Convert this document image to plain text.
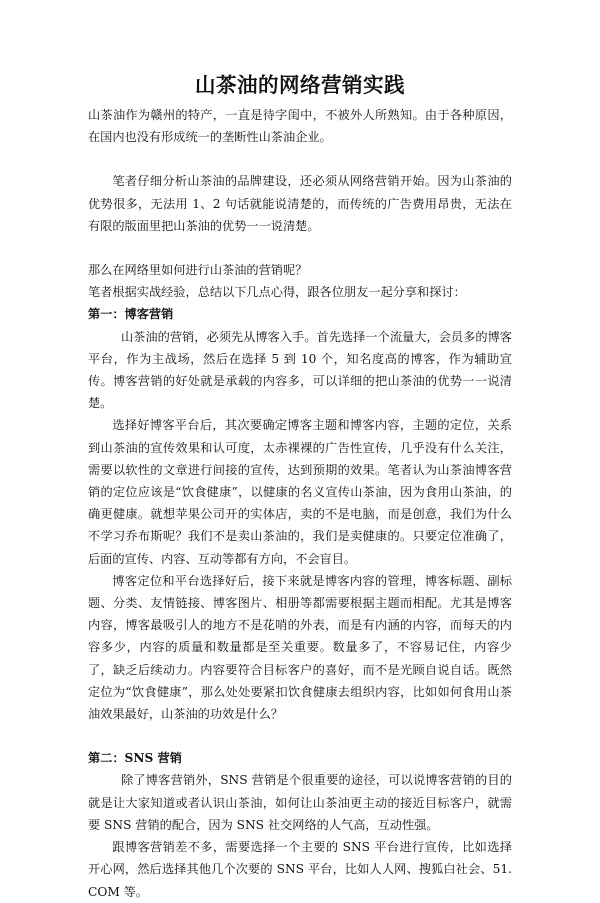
山茶油的网络营销实践

山茶油作为赣州的特产，一直是待字闺中，不被外人所熟知。由于各种原因，在国内也没有形成统一的垄断性山茶油企业。

笔者仔细分析山茶油的品牌建设，还必须从网络营销开始。因为山茶油的优势很多，无法用 1、2 句话就能说清楚的，而传统的广告费用昂贵，无法在有限的版面里把山茶油的优势一一说清楚。

那么在网络里如何进行山茶油的营销呢？

笔者根据实战经验，总结以下几点心得，跟各位朋友一起分享和探讨：

第一：博客营销

山茶油的营销，必须先从博客入手。首先选择一个流量大，会员多的博客平台，作为主战场，然后在选择 5 到 10 个，知名度高的博客，作为辅助宣传。博客营销的好处就是承载的内容多，可以详细的把山茶油的优势一一说清楚。

选择好博客平台后，其次要确定博客主题和博客内容，主题的定位，关系到山茶油的宣传效果和认可度，太赤裸裸的广告性宣传，几乎没有什么关注，需要以软性的文章进行间接的宣传，达到预期的效果。笔者认为山茶油博客营销的定位应该是“饮食健康”，以健康的名义宣传山茶油，因为食用山茶油，的确更健康。就想苹果公司开的实体店，卖的不是电脑，而是创意，我们为什么不学习乔布斯呢？我们不是卖山茶油的，我们是卖健康的。只要定位准确了，后面的宣传、内容、互动等都有方向，不会盲目。

博客定位和平台选择好后，接下来就是博客内容的管理，博客标题、副标题、分类、友情链接、博客图片、相册等都需要根据主题而相配。尤其是博客内容，博客最吸引人的地方不是花哨的外表，而是有内涵的内容，而每天的内容多少，内容的质量和数量都是至关重要。数量多了，不容易记住，内容少了，缺乏后续动力。内容要符合目标客户的喜好，而不是光顾自说自话。既然定位为“饮食健康”，那么处处要紧扣饮食健康去组织内容，比如如何食用山茶油效果最好，山茶油的功效是什么？

第二：SNS 营销

除了博客营销外，SNS 营销是个很重要的途径，可以说博客营销的目的就是让大家知道或者认识山茶油，如何让山茶油更主动的接近目标客户，就需要 SNS 营销的配合，因为 SNS 社交网络的人气高，互动性强。

跟博客营销差不多，需要选择一个主要的 SNS 平台进行宣传，比如选择开心网，然后选择其他几个次要的 SNS 平台，比如人人网、搜狐白社会、51.COM 等。
